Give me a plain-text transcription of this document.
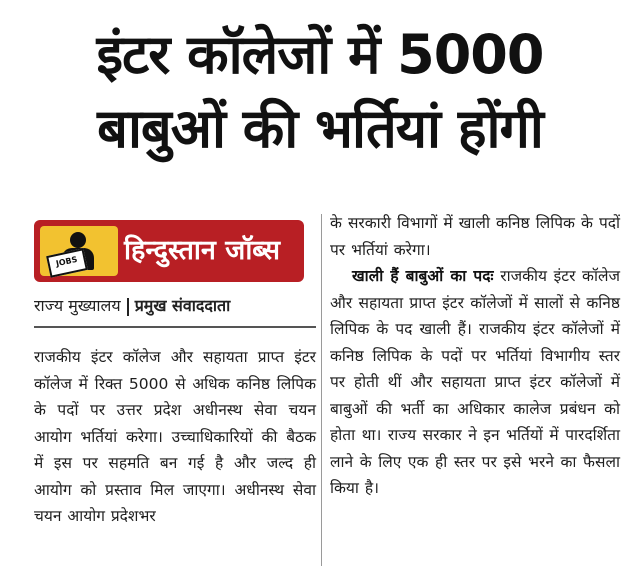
इंटर कॉलेजों में 5000
बाबुओं की भर्तियां होंगी
JOBS	हिन्दुस्तान जॉब्स
राज्य मुख्यालय प्रमुख संवाददाता

राजकीय इंटर कॉलेज और सहायता प्राप्त इंटर कॉलेज में रिक्त 5000 से अधिक कनिष्ठ लिपिक के पदों पर उत्तर प्रदेश अधीनस्थ सेवा चयन आयोग भर्तियां करेगा। उच्चाधिकारियों की बैठक में इस पर सहमति बन गई है और जल्द ही आयोग को प्रस्ताव मिल जाएगा। अधीनस्थ सेवा चयन आयोग प्रदेशभर

के सरकारी विभागों में खाली कनिष्ठ लिपिक के पदों पर भर्तियां करेगा।

खाली हैं बाबुओं का पदः राजकीय इंटर कॉलेज और सहायता प्राप्त इंटर कॉलेजों में सालों से कनिष्ठ लिपिक के पद खाली हैं। राजकीय इंटर कॉलेजों में कनिष्ठ लिपिक के पदों पर भर्तियां विभागीय स्तर पर होती थीं और सहायता प्राप्त इंटर कॉलेजों में बाबुओं की भर्ती का अधिकार कालेज प्रबंधन को होता था। राज्य सरकार ने इन भर्तियों में पारदर्शिता लाने के लिए एक ही स्तर पर इसे भरने का फैसला किया है।
